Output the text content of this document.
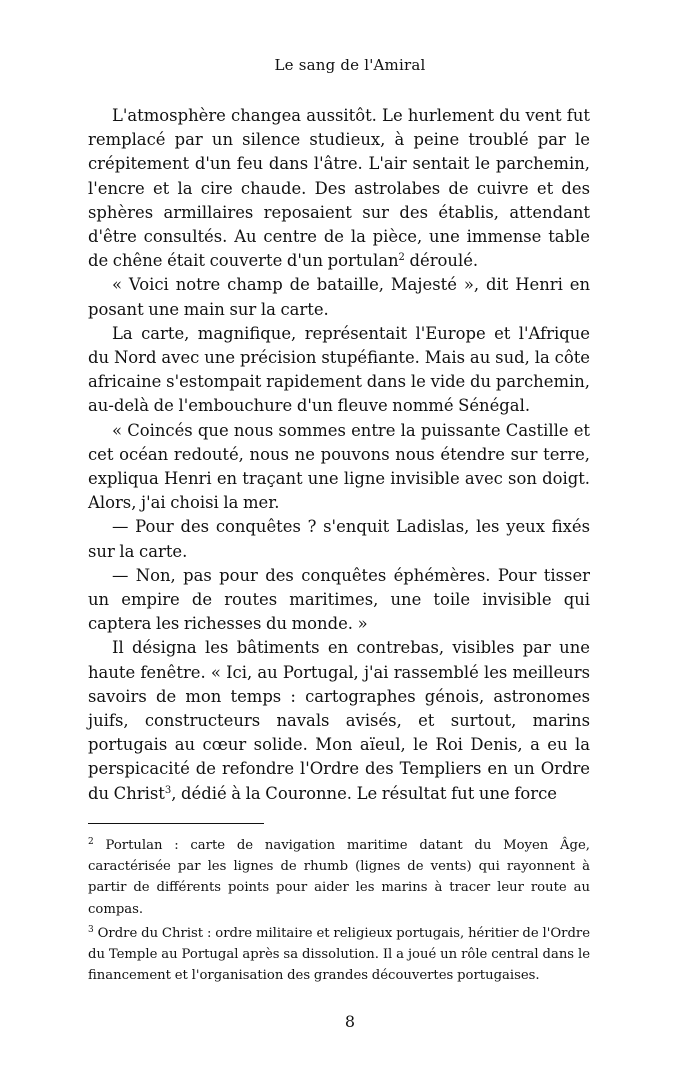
Le sang de l'Amiral

L'atmosphère changea aussitôt. Le hurlement du vent fut remplacé par un silence studieux, à peine troublé par le crépitement d'un feu dans l'âtre. L'air sentait le parchemin, l'encre et la cire chaude. Des astrolabes de cuivre et des sphères armillaires reposaient sur des établis, attendant d'être consultés. Au centre de la pièce, une immense table de chêne était couverte d'un portulan$^2$ déroulé.

« Voici notre champ de bataille, Majesté », dit Henri en posant une main sur la carte.

La carte, magnifique, représentait l'Europe et l'Afrique du Nord avec une précision stupéfiante. Mais au sud, la côte africaine s'estompait rapidement dans le vide du parchemin, au-delà de l'embouchure d'un fleuve nommé Sénégal.

« Coincés que nous sommes entre la puissante Castille et cet océan redouté, nous ne pouvons nous étendre sur terre, expliqua Henri en traçant une ligne invisible avec son doigt. Alors, j'ai choisi la mer.

— Pour des conquêtes ? s'enquit Ladislas, les yeux fixés sur la carte.

— Non, pas pour des conquêtes éphémères. Pour tisser un empire de routes maritimes, une toile invisible qui captera les richesses du monde. »

Il désigna les bâtiments en contrebas, visibles par une haute fenêtre. « Ici, au Portugal, j'ai rassemblé les meilleurs savoirs de mon temps : cartographes génois, astronomes juifs, constructeurs navals avisés, et surtout, marins portugais au cœur solide. Mon aïeul, le Roi Denis, a eu la perspicacité de refondre l'Ordre des Templiers en un Ordre du Christ$^3$, dédié à la Couronne. Le résultat fut une force

$^2$ Portulan : carte de navigation maritime datant du Moyen Âge, caractérisée par les lignes de rhumb (lignes de vents) qui rayonnent à partir de différents points pour aider les marins à tracer leur route au compas.

$^3$ Ordre du Christ : ordre militaire et religieux portugais, héritier de l'Ordre du Temple au Portugal après sa dissolution. Il a joué un rôle central dans le financement et l'organisation des grandes découvertes portugaises.

8
